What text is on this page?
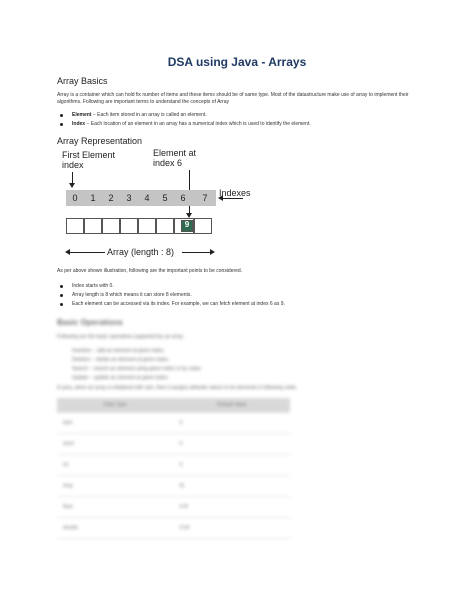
DSA using Java - Arrays
Array Basics
Array is a container which can hold fix number of items and these items should be of same type. Most of the datastructure make use of array to implement their algorithms. Following are important terms to understand the concepts of Array
Element − Each item stored in an array is called an element.
Index − Each location of an element in an array has a numerical index which is used to identify the element.
Array Representation
First Element
index
Element at
index 6
0	1	2	3	4	5	6	7	Indexes
9
Array (length : 8)
As per above shown illustration, following are the important points to be considered.
Index starts with 0.
Array length is 8 which means it can store 8 elements.
Each element can be accessed via its index. For example, we can fetch element at index 6 as 9.
Basic Operations
Following are the basic operations supported by an array.
Insertion − add an element at given index.
Deletion − delete an element at given index.
Search − search an element using given index or by value.
Update − update an element at given index.
In java, when an array is initialized with size, then it assigns defaults values to its elements in following order.
Data Type	Default Value
byte	0
short	0
int	0
long	0L
float	0.0f
double	0.0d
